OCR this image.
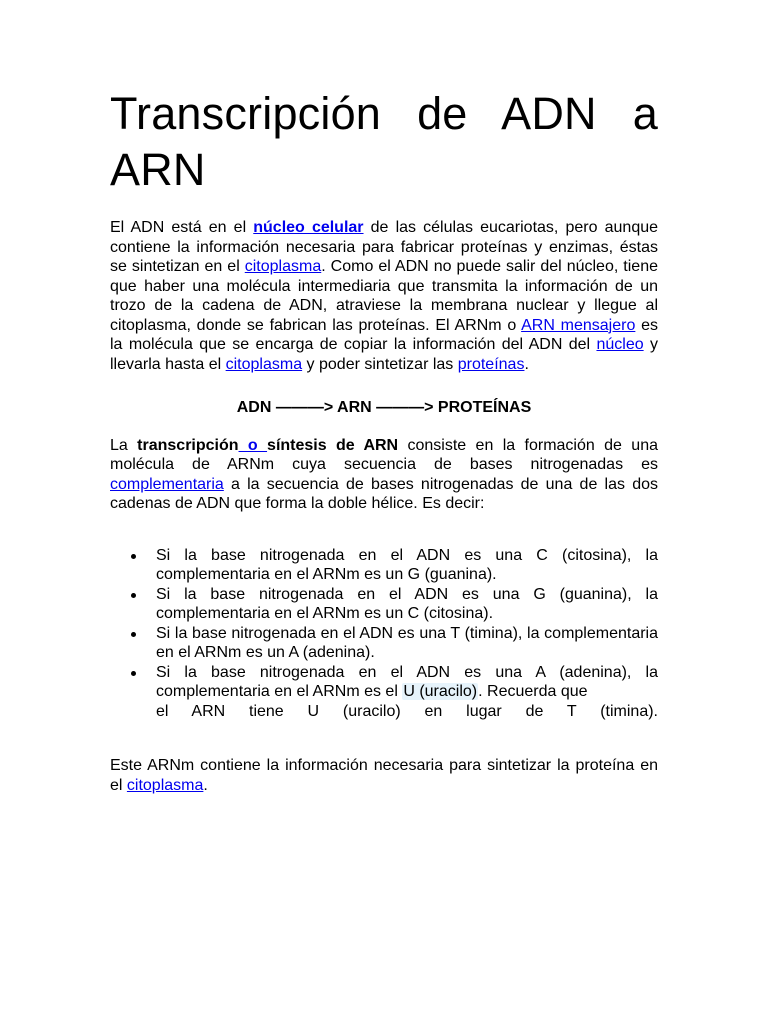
Transcripción de ADN a ARN

El ADN está en el núcleo celular de las células eucariotas, pero aunque contiene la información necesaria para fabricar proteínas y enzimas, éstas se sintetizan en el citoplasma. Como el ADN no puede salir del núcleo, tiene que haber una molécula intermediaria que transmita la información de un trozo de la cadena de ADN, atraviese la membrana nuclear y llegue al citoplasma, donde se fabrican las proteínas. El ARNm o ARN mensajero es la molécula que se encarga de copiar la información del ADN del núcleo y llevarla hasta el citoplasma y poder sintetizar las proteínas.

ADN ———> ARN ———> PROTEÍNAS

La transcripción o síntesis de ARN consiste en la formación de una molécula de ARNm cuya secuencia de bases nitrogenadas es complementaria a la secuencia de bases nitrogenadas de una de las dos cadenas de ADN que forma la doble hélice. Es decir:

Si la base nitrogenada en el ADN es una C (citosina), la complementaria en el ARNm es un G (guanina).
Si la base nitrogenada en el ADN es una G (guanina), la complementaria en el ARNm es un C (citosina).
Si la base nitrogenada en el ADN es una T (timina), la complementaria en el ARNm es un A (adenina).
Si la base nitrogenada en el ADN es una A (adenina), la complementaria en el ARNm es el U (uracilo). Recuerda que
el ARN tiene U (uracilo) en lugar de T (timina).

Este ARNm contiene la información necesaria para sintetizar la proteína en el citoplasma.
